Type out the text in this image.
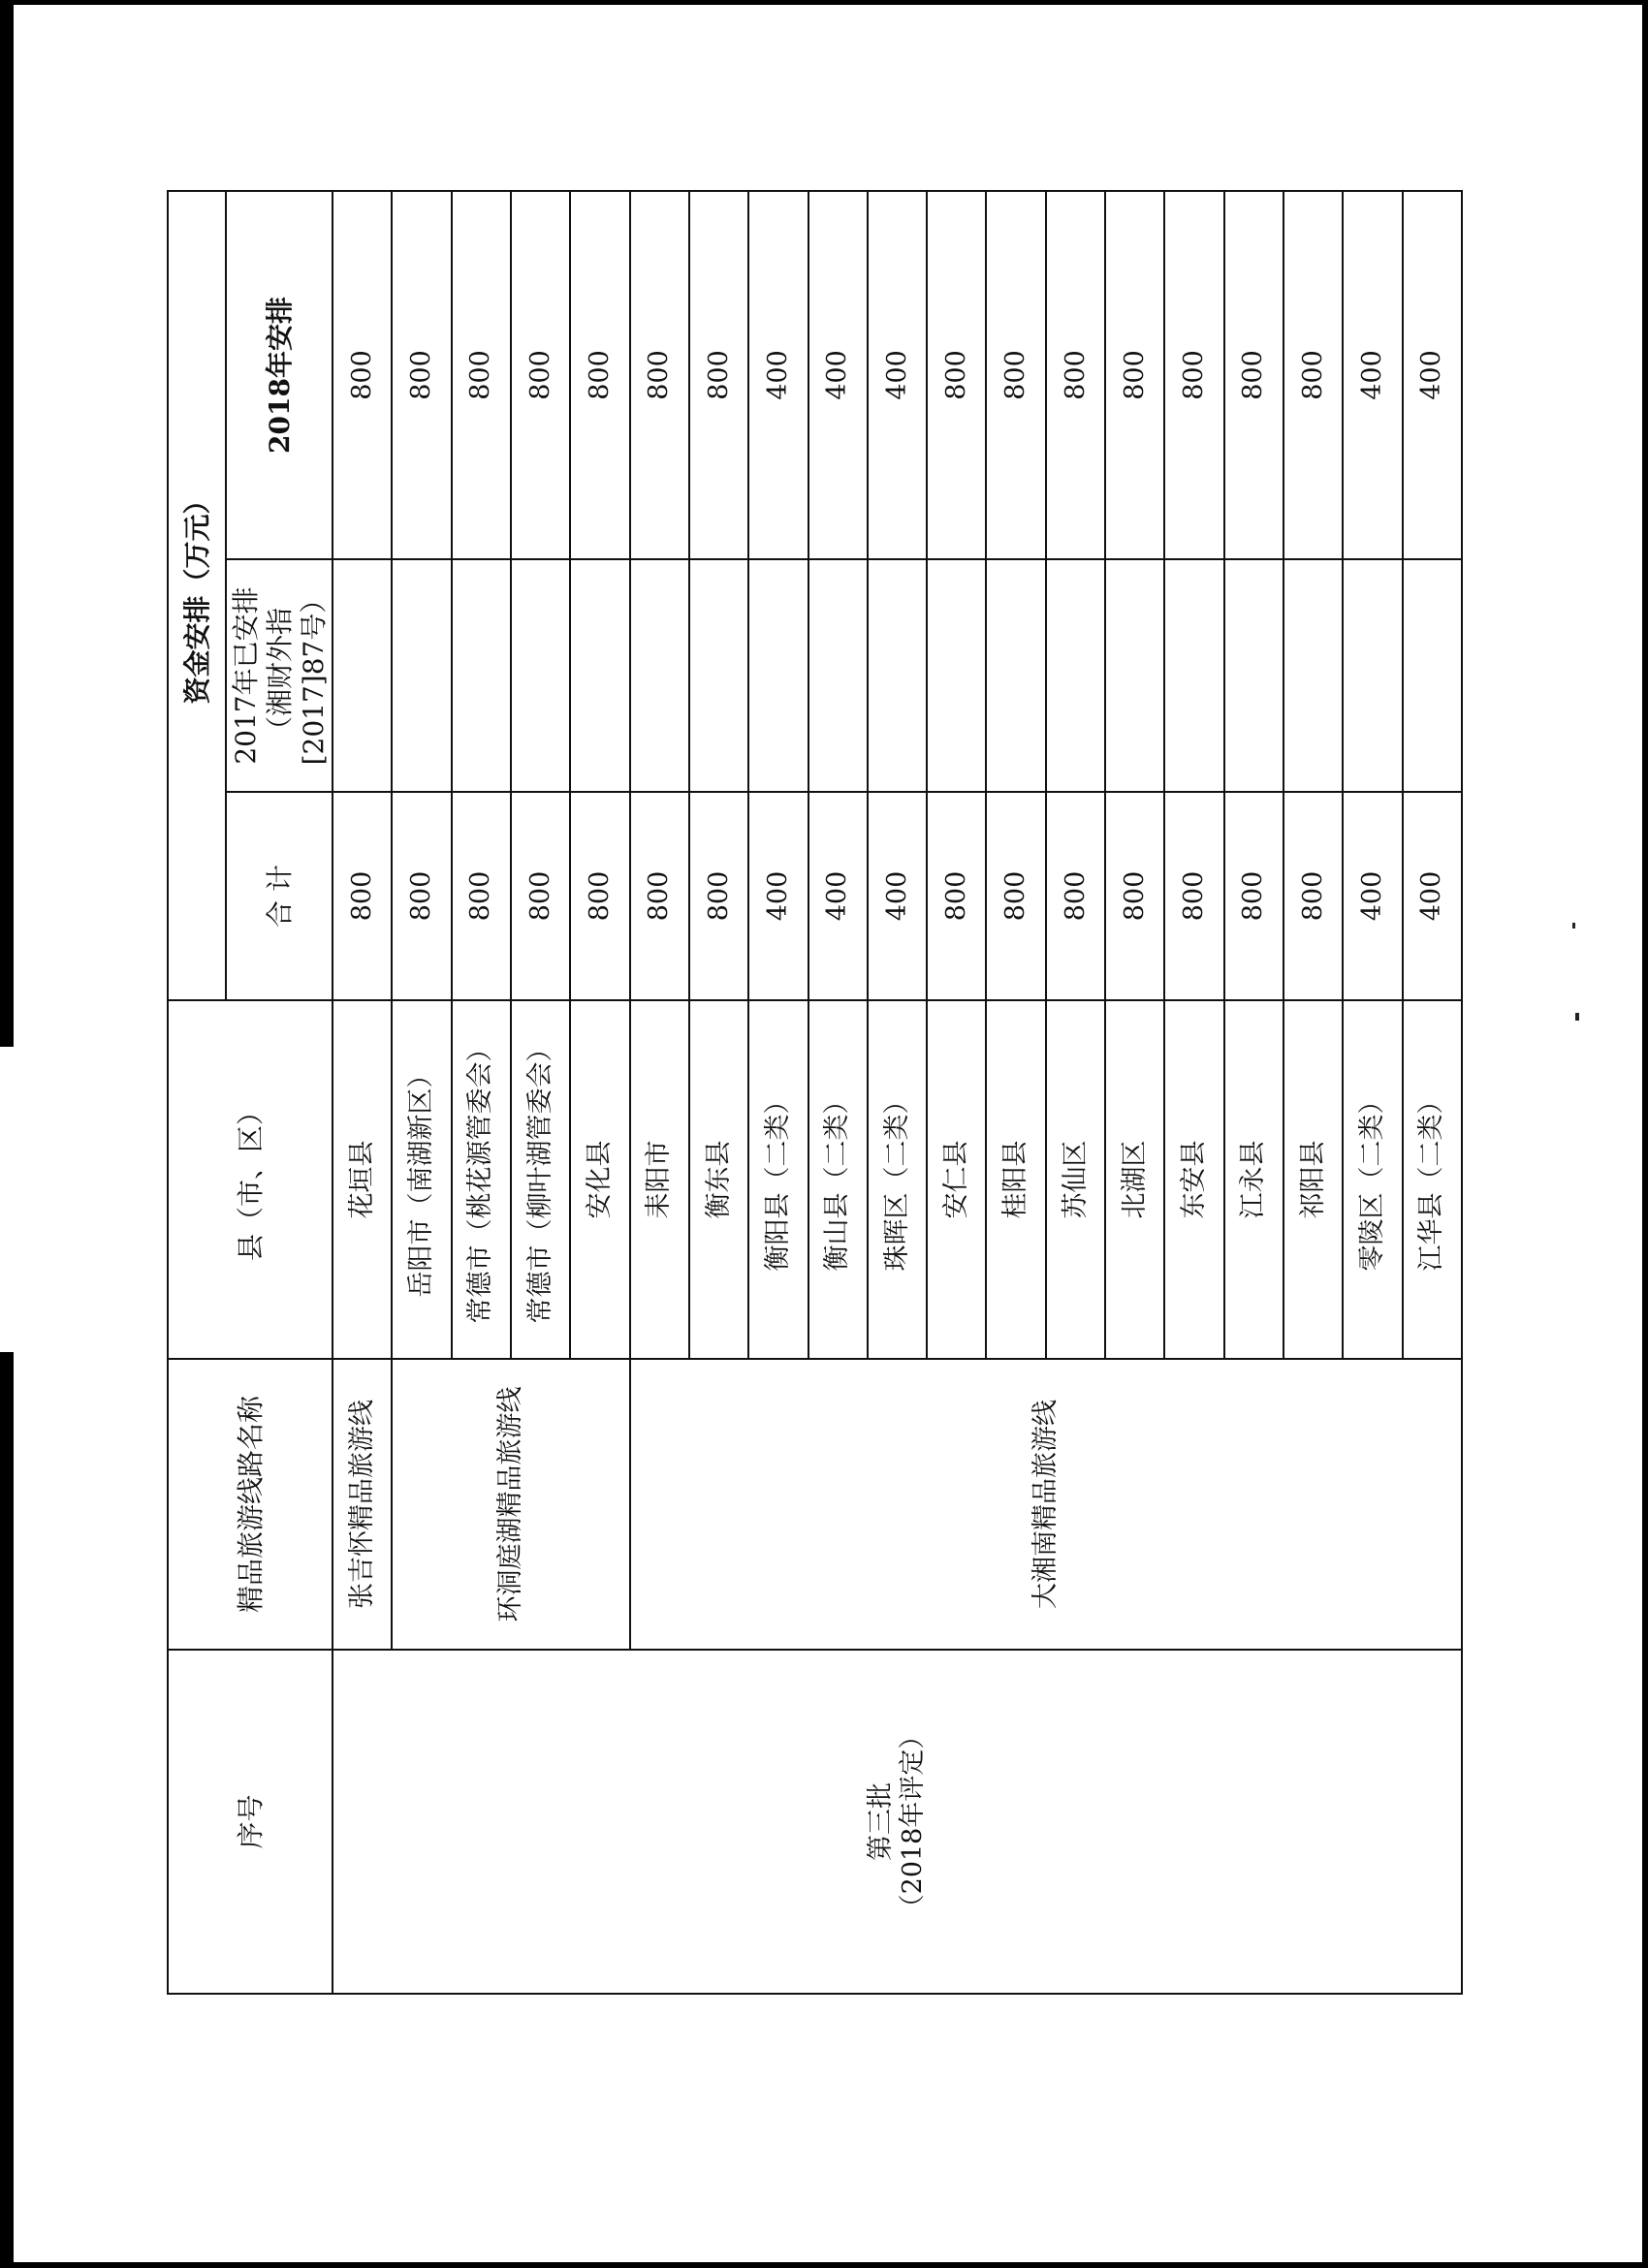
序号	精品旅游线路名称	县（市、区）	资金安排（万元）		
			合 计	2017年已安排 （湘财外指 [2017]87号）	2018年安排
第三批
（2018年评定）	张吉怀精品旅游线	花垣县	800		800
	环洞庭湖精品旅游线	岳阳市（南湖新区）	800		800
		常德市（桃花源管委会）	800		800
		常德市（柳叶湖管委会）	800		800
		安化县	800		800
	大湘南精品旅游线	耒阳市	800		800
		衡东县	800		800
		衡阳县（二类）	400		400
		衡山县（二类）	400		400
		珠晖区（二类）	400		400
		安仁县	800		800
		桂阳县	800		800
		苏仙区	800		800
		北湖区	800		800
		东安县	800		800
		江永县	800		800
		祁阳县	800		800
		零陵区（二类）	400		400
		江华县（二类）	400		400
